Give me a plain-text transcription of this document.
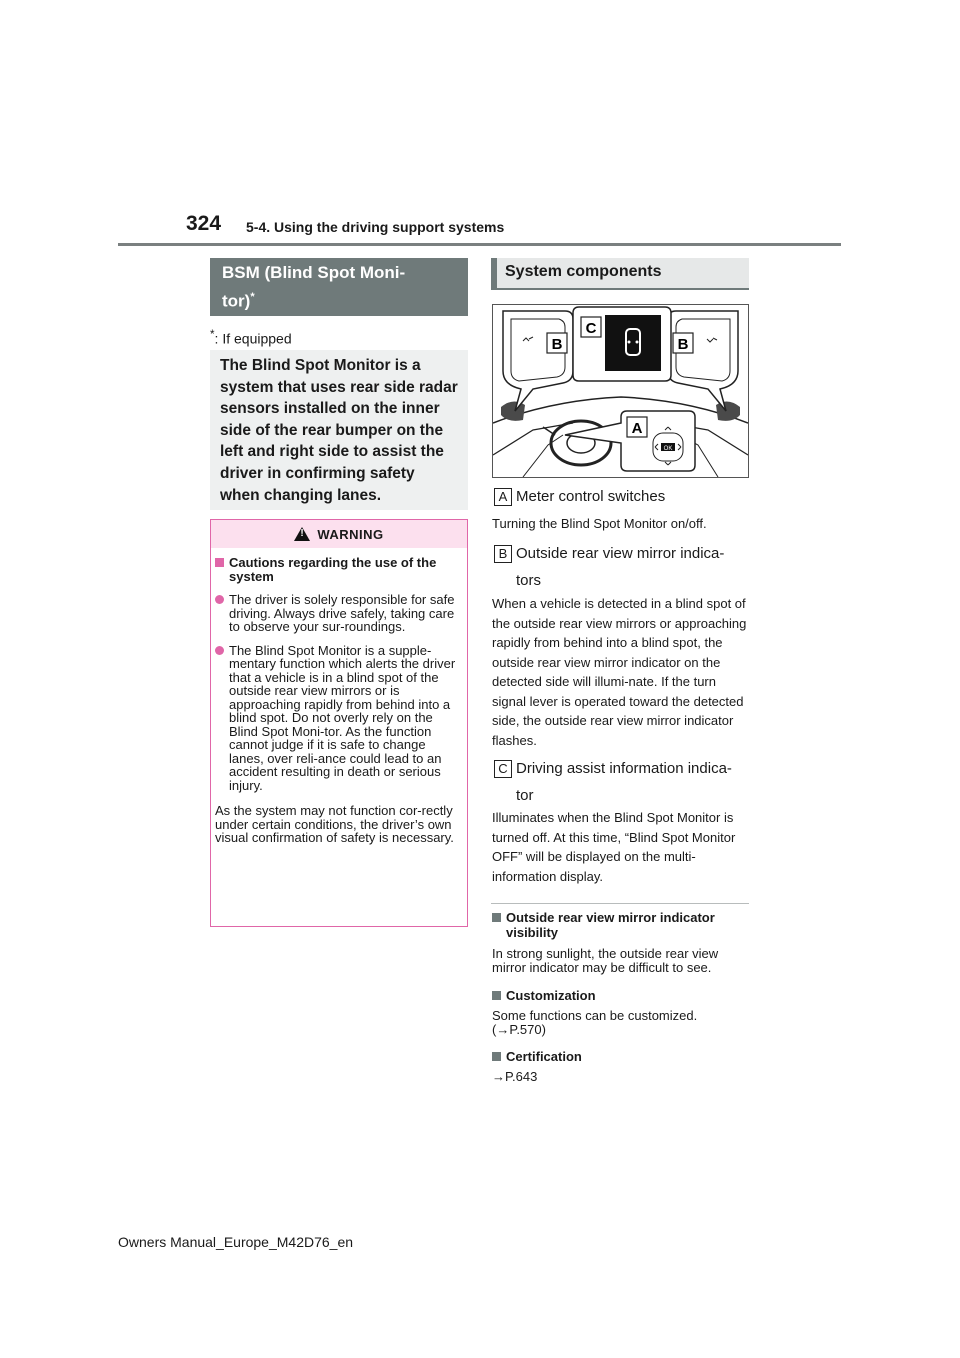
324 5-4. Using the driving support systems
BSM (Blind Spot Moni-
tor)*
*: If equipped
The Blind Spot Monitor is a system that uses rear side radar sensors installed on the inner side of the rear bumper on the left and right side to assist the driver in confirming safety when changing lanes.
!
WARNING
Cautions regarding the use of the system
The driver is solely responsible for safe driving. Always drive safely, taking care to observe your sur-roundings.
The Blind Spot Monitor is a supple-mentary function which alerts the driver that a vehicle is in a blind spot of the outside rear view mirrors or is approaching rapidly from behind into a blind spot. Do not overly rely on the Blind Spot Moni-tor. As the function cannot judge if it is safe to change lanes, over reli-ance could lead to an accident resulting in death or serious injury.
As the system may not function cor-rectly under certain conditions, the driver’s own visual confirmation of safety is necessary.
System components
OK
B	B
C
A
A Meter control switches
Turning the Blind Spot Monitor on/off.
B Outside rear view mirror indica-tors
When a vehicle is detected in a blind spot of the outside rear view mirrors or approaching rapidly from behind into a blind spot, the outside rear view mirror indicator on the detected side will illumi-nate. If the turn signal lever is operated toward the detected side, the outside rear view mirror indicator flashes.
C Driving assist information indica-tor
Illuminates when the Blind Spot Monitor is turned off. At this time, “Blind Spot Monitor OFF” will be displayed on the multi-information display.
Outside rear view mirror indicator visibility
In strong sunlight, the outside rear view mirror indicator may be difficult to see.
Customization
Some functions can be customized. (→P.570)
Certification
→P.643
Owners Manual_Europe_M42D76_en
